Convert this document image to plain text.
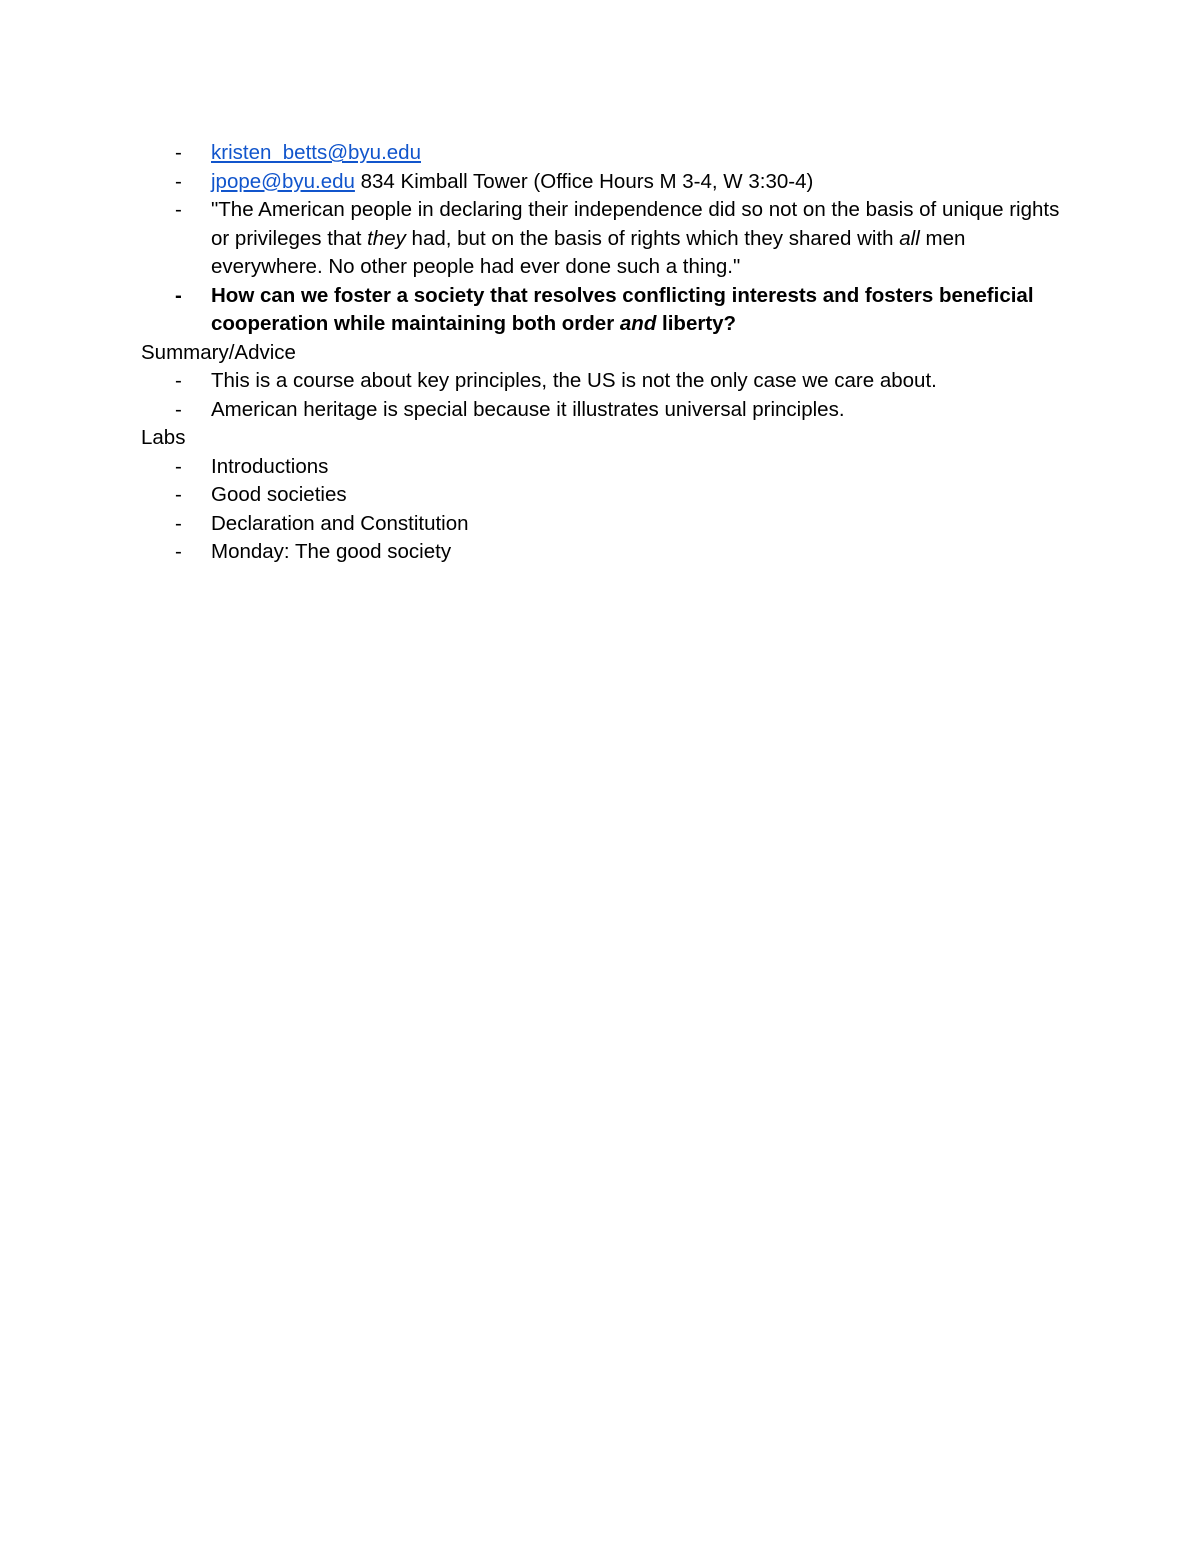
- kristen_betts@byu.edu
- jpope@byu.edu 834 Kimball Tower (Office Hours M 3-4, W 3:30-4)
- "The American people in declaring their independence did so not on the basis of unique rights or privileges that they had, but on the basis of rights which they shared with all men everywhere. No other people had ever done such a thing."
- How can we foster a society that resolves conflicting interests and fosters beneficial cooperation while maintaining both order and liberty?
Summary/Advice
- This is a course about key principles, the US is not the only case we care about.
- American heritage is special because it illustrates universal principles.
Labs
- Introductions
- Good societies
- Declaration and Constitution
- Monday: The good society
